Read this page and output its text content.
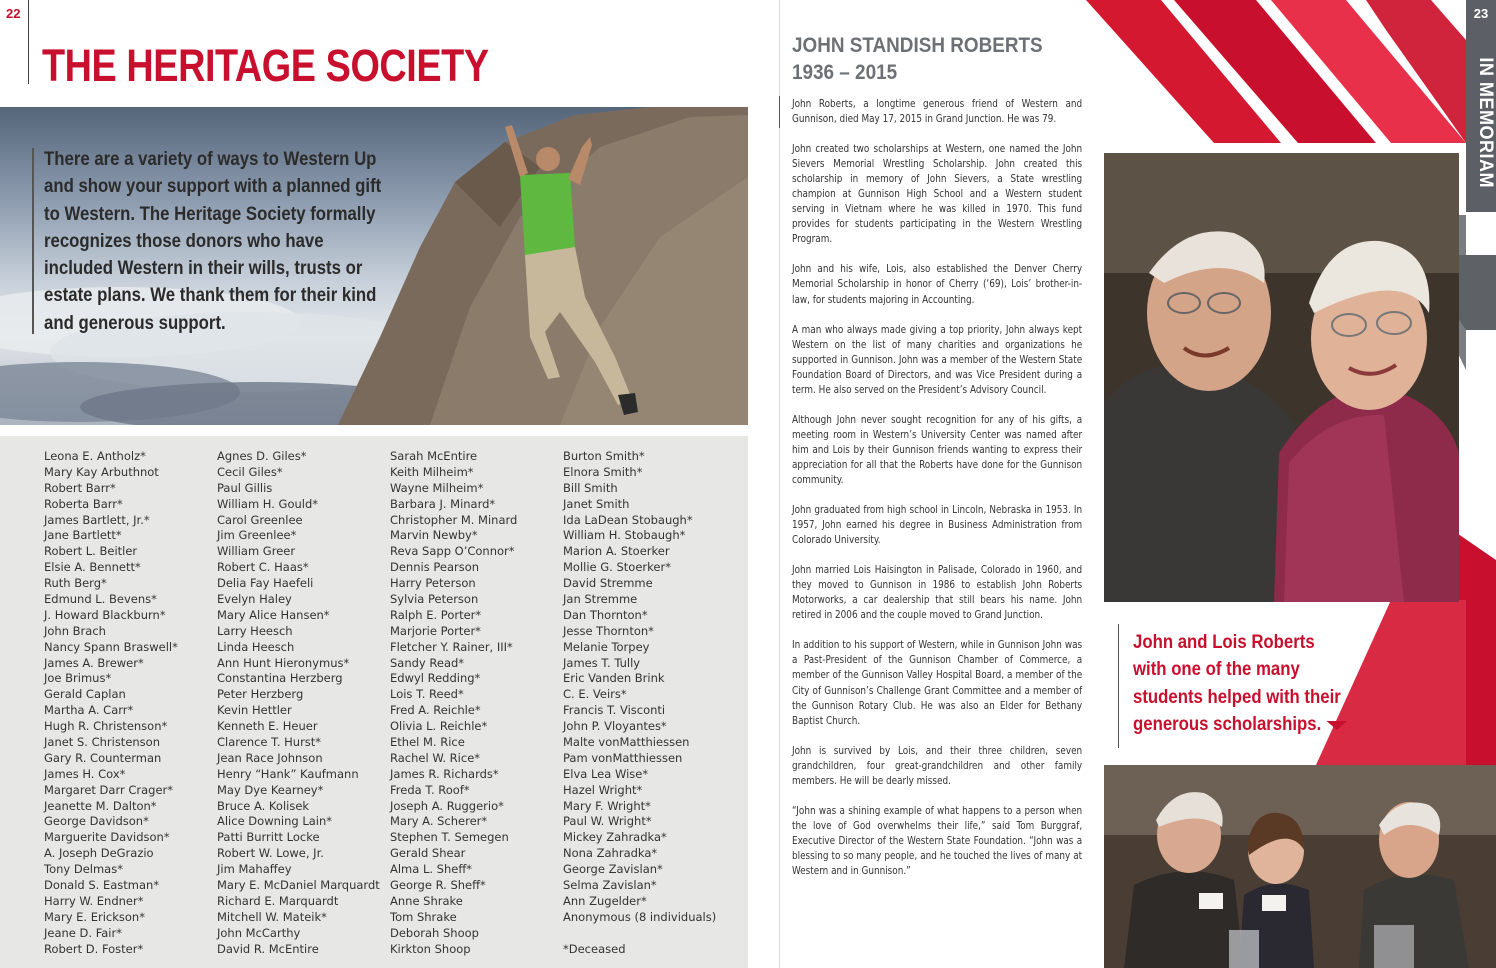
22
THE HERITAGE SOCIETY

There are a variety of ways to Western Up and show your support with a planned gift to Western. The Heritage Society formally recognizes those donors who have included Western in their wills, trusts or estate plans. We thank them for their kind and generous support.

Leona E. Antholz*
Mary Kay Arbuthnot
Robert Barr*
Roberta Barr*
James Bartlett, Jr.*
Jane Bartlett*
Robert L. Beitler
Elsie A. Bennett*
Ruth Berg*
Edmund L. Bevens*
J. Howard Blackburn*
John Brach
Nancy Spann Braswell*
James A. Brewer*
Joe Brimus*
Gerald Caplan
Martha A. Carr*
Hugh R. Christenson*
Janet S. Christenson
Gary R. Counterman
James H. Cox*
Margaret Darr Crager*
Jeanette M. Dalton*
George Davidson*
Marguerite Davidson*
A. Joseph DeGrazio
Tony Delmas*
Donald S. Eastman*
Harry W. Endner*
Mary E. Erickson*
Jeane D. Fair*
Robert D. Foster*
Agnes D. Giles*
Cecil Giles*
Paul Gillis
William H. Gould*
Carol Greenlee
Jim Greenlee*
William Greer
Robert C. Haas*
Delia Fay Haefeli
Evelyn Haley
Mary Alice Hansen*
Larry Heesch
Linda Heesch
Ann Hunt Hieronymus*
Constantina Herzberg
Peter Herzberg
Kevin Hettler
Kenneth E. Heuer
Clarence T. Hurst*
Jean Race Johnson
Henry “Hank” Kaufmann
May Dye Kearney*
Bruce A. Kolisek
Alice Downing Lain*
Patti Burritt Locke
Robert W. Lowe, Jr.
Jim Mahaffey
Mary E. McDaniel Marquardt
Richard E. Marquardt
Mitchell W. Mateik*
John McCarthy
David R. McEntire
Sarah McEntire
Keith Milheim*
Wayne Milheim*
Barbara J. Minard*
Christopher M. Minard
Marvin Newby*
Reva Sapp O’Connor*
Dennis Pearson
Harry Peterson
Sylvia Peterson
Ralph E. Porter*
Marjorie Porter*
Fletcher Y. Rainer, III*
Sandy Read*
Edwyl Redding*
Lois T. Reed*
Fred A. Reichle*
Olivia L. Reichle*
Ethel M. Rice
Rachel W. Rice*
James R. Richards*
Freda T. Roof*
Joseph A. Ruggerio*
Mary A. Scherer*
Stephen T. Semegen
Gerald Shear
Alma L. Sheff*
George R. Sheff*
Anne Shrake
Tom Shrake
Deborah Shoop
Kirkton Shoop
Burton Smith*
Elnora Smith*
Bill Smith
Janet Smith
Ida LaDean Stobaugh*
William H. Stobaugh*
Marion A. Stoerker
Mollie G. Stoerker*
David Stremme
Jan Stremme
Dan Thornton*
Jesse Thornton*
Melanie Torpey
James T. Tully
Eric Vanden Brink
C. E. Veirs*
Francis T. Visconti
John P. Vloyantes*
Malte vonMatthiessen
Pam vonMatthiessen
Elva Lea Wise*
Hazel Wright*
Mary F. Wright*
Paul W. Wright*
Mickey Zahradka*
Nona Zahradka*
George Zavislan*
Selma Zavislan*
Ann Zugelder*
Anonymous (8 individuals)
*Deceased
JOHN STANDISH ROBERTS
1936 – 2015

John Roberts, a longtime generous friend of Western and Gunnison, died May 17, 2015 in Grand Junction. He was 79.

John created two scholarships at Western, one named the John Sievers Memorial Wrestling Scholarship. John created this scholarship in memory of John Sievers, a State wrestling champion at Gunnison High School and a Western student serving in Vietnam where he was killed in 1970. This fund provides for students participating in the Western Wrestling Program.

John and his wife, Lois, also established the Denver Cherry Memorial Scholarship in honor of Cherry (‘69), Lois’ brother-in-law, for students majoring in Accounting.

A man who always made giving a top priority, John always kept Western on the list of many charities and organizations he supported in Gunnison. John was a member of the Western State Foundation Board of Directors, and was Vice President during a term. He also served on the President’s Advisory Council.

Although John never sought recognition for any of his gifts, a meeting room in Western’s University Center was named after him and Lois by their Gunnison friends wanting to express their appreciation for all that the Roberts have done for the Gunnison community.

John graduated from high school in Lincoln, Nebraska in 1953. In 1957, John earned his degree in Business Administration from Colorado University.

John married Lois Haisington in Palisade, Colorado in 1960, and they moved to Gunnison in 1986 to establish John Roberts Motorworks, a car dealership that still bears his name. John retired in 2006 and the couple moved to Grand Junction.

In addition to his support of Western, while in Gunnison John was a Past-President of the Gunnison Chamber of Commerce, a member of the Gunnison Valley Hospital Board, a member of the City of Gunnison’s Challenge Grant Committee and a member of the Gunnison Rotary Club. He was also an Elder for Bethany Baptist Church.

John is survived by Lois, and their three children, seven grandchildren, four great-grandchildren and other family members. He will be dearly missed.

“John was a shining example of what happens to a person when the love of God overwhelms their life,” said Tom Burggraf, Executive Director of the Western State Foundation. “John was a blessing to so many people, and he touched the lives of many at Western and in Gunnison.”

23
IN MEMORIAM

John and Lois Roberts with one of the many students helped with their generous scholarships.
